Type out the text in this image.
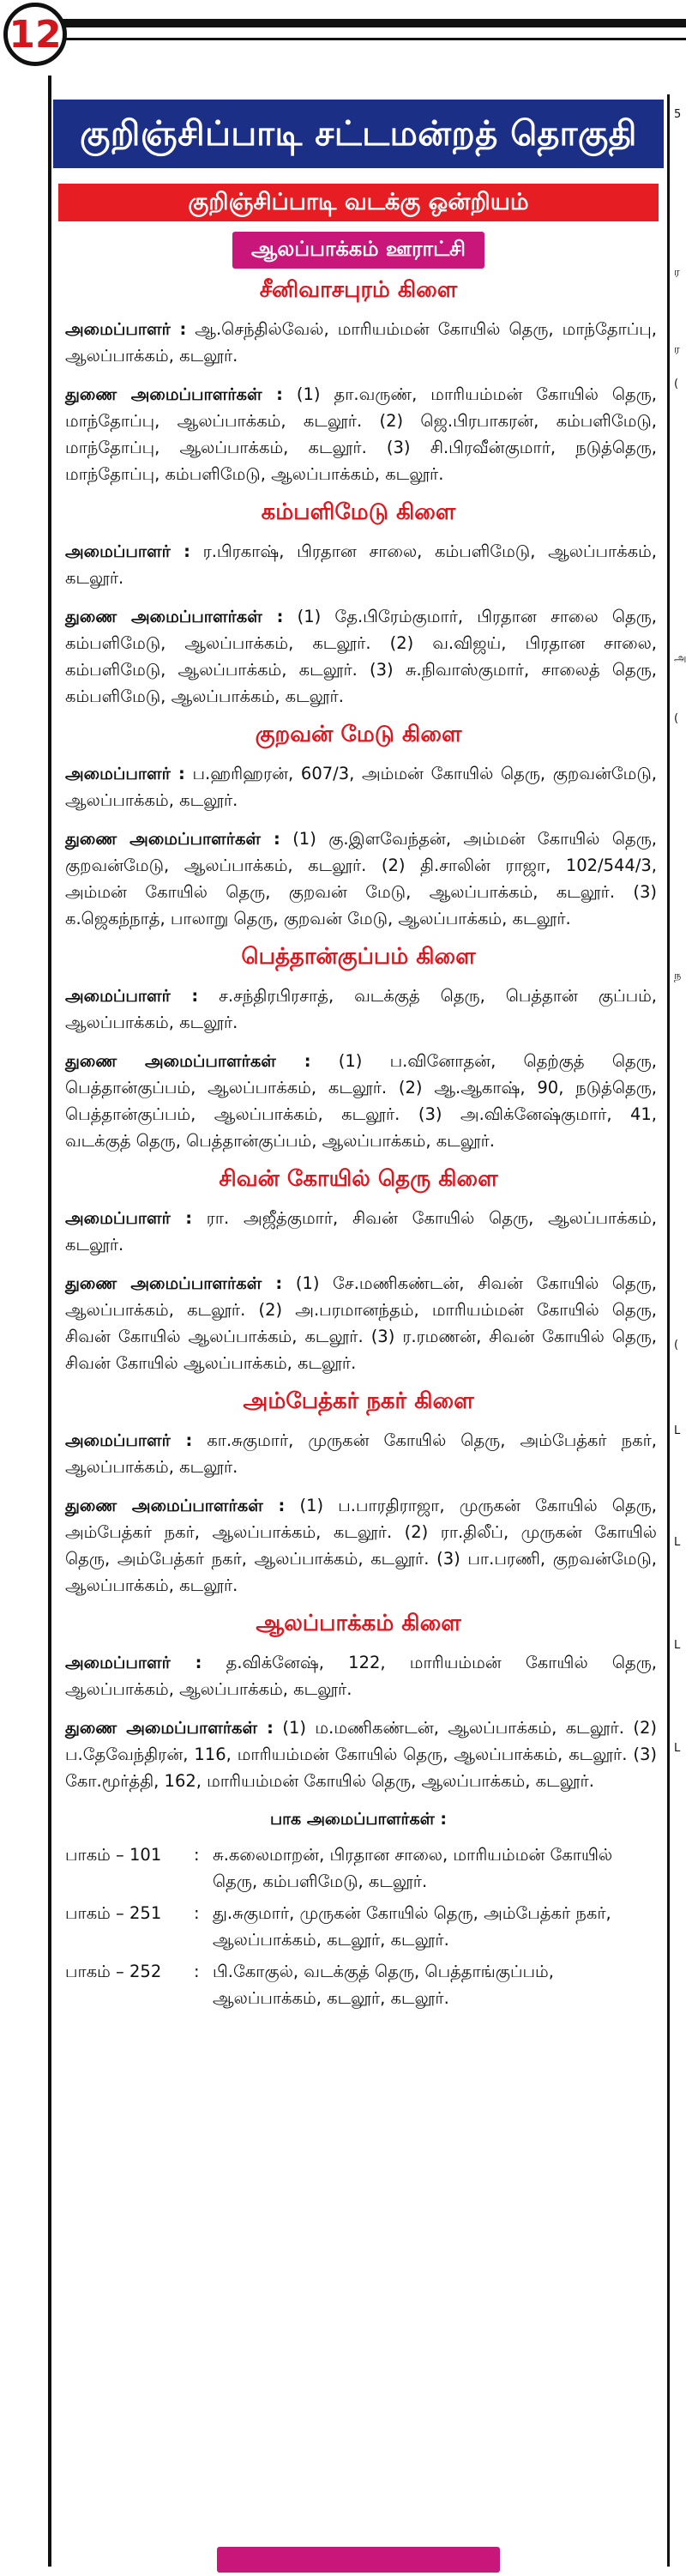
12
5
ர
ர
(
அ
(
ந
(
L
L
L
L
குறிஞ்சிப்பாடி சட்டமன்றத் தொகுதி
குறிஞ்சிப்பாடி வடக்கு ஒன்றியம்
ஆலப்பாக்கம் ஊராட்சி
சீனிவாசபுரம் கிளை

அமைப்பாளர் : ஆ.செந்தில்வேல், மாரியம்மன் கோயில் தெரு, மாந்தோப்பு, ஆலப்பாக்கம், கடலூர்.

துணை அமைப்பாளர்கள் : (1) தா.வருண், மாரியம்மன் கோயில் தெரு, மாந்தோப்பு, ஆலப்பாக்கம், கடலூர். (2) ஜெ.பிரபாகரன், கம்பளிமேடு, மாந்தோப்பு, ஆலப்பாக்கம், கடலூர். (3) சி.பிரவீன்குமார், நடுத்தெரு, மாந்தோப்பு, கம்பளிமேடு, ஆலப்பாக்கம், கடலூர்.

கம்பளிமேடு கிளை

அமைப்பாளர் : ர.பிரகாஷ், பிரதான சாலை, கம்பளிமேடு, ஆலப்பாக்கம், கடலூர்.

துணை அமைப்பாளர்கள் : (1) தே.பிரேம்குமார், பிரதான சாலை தெரு, கம்பளிமேடு, ஆலப்பாக்கம், கடலூர். (2) வ.விஜய், பிரதான சாலை, கம்பளிமேடு, ஆலப்பாக்கம், கடலூர். (3) சு.நிவாஸ்குமார், சாலைத் தெரு, கம்பளிமேடு, ஆலப்பாக்கம், கடலூர்.

குறவன் மேடு கிளை

அமைப்பாளர் : ப.ஹரிஹரன், 607/3, அம்மன் கோயில் தெரு, குறவன்மேடு, ஆலப்பாக்கம், கடலூர்.

துணை அமைப்பாளர்கள் : (1) கு.இளவேந்தன், அம்மன் கோயில் தெரு, குறவன்மேடு, ஆலப்பாக்கம், கடலூர். (2) தி.சாலின் ராஜா, 102/544/3, அம்மன் கோயில் தெரு, குறவன் மேடு, ஆலப்பாக்கம், கடலூர். (3) க.ஜெகந்நாத், பாலாறு தெரு, குறவன் மேடு, ஆலப்பாக்கம், கடலூர்.

பெத்தான்குப்பம் கிளை

அமைப்பாளர் : ச.சந்திரபிரசாத், வடக்குத் தெரு, பெத்தான் குப்பம், ஆலப்பாக்கம், கடலூர்.

துணை அமைப்பாளர்கள் : (1) ப.வினோதன், தெற்குத் தெரு, பெத்தான்குப்பம், ஆலப்பாக்கம், கடலூர். (2) ஆ.ஆகாஷ், 90, நடுத்தெரு, பெத்தான்குப்பம், ஆலப்பாக்கம், கடலூர். (3) அ.விக்னேஷ்குமார், 41, வடக்குத் தெரு, பெத்தான்குப்பம், ஆலப்பாக்கம், கடலூர்.

சிவன் கோயில் தெரு கிளை

அமைப்பாளர் : ரா. அஜீத்குமார், சிவன் கோயில் தெரு, ஆலப்பாக்கம், கடலூர்.

துணை அமைப்பாளர்கள் : (1) சே.மணிகண்டன், சிவன் கோயில் தெரு, ஆலப்பாக்கம், கடலூர். (2) அ.பரமானந்தம், மாரியம்மன் கோயில் தெரு, சிவன் கோயில் ஆலப்பாக்கம், கடலூர். (3) ர.ரமணன், சிவன் கோயில் தெரு, சிவன் கோயில் ஆலப்பாக்கம், கடலூர்.

அம்பேத்கர் நகர் கிளை

அமைப்பாளர் : கா.சுகுமார், முருகன் கோயில் தெரு, அம்பேத்கர் நகர், ஆலப்பாக்கம், கடலூர்.

துணை அமைப்பாளர்கள் : (1) ப.பாரதிராஜா, முருகன் கோயில் தெரு, அம்பேத்கர் நகர், ஆலப்பாக்கம், கடலூர். (2) ரா.திலீப், முருகன் கோயில் தெரு, அம்பேத்கர் நகர், ஆலப்பாக்கம், கடலூர். (3) பா.பரணி, குறவன்மேடு, ஆலப்பாக்கம், கடலூர்.

ஆலப்பாக்கம் கிளை

அமைப்பாளர் : த.விக்னேஷ், 122, மாரியம்மன் கோயில் தெரு, ஆலப்பாக்கம், ஆலப்பாக்கம், கடலூர்.

துணை அமைப்பாளர்கள் : (1) ம.மணிகண்டன், ஆலப்பாக்கம், கடலூர். (2) ப.தேவேந்திரன், 116, மாரியம்மன் கோயில் தெரு, ஆலப்பாக்கம், கடலூர். (3) கோ.மூர்த்தி, 162, மாரியம்மன் கோயில் தெரு, ஆலப்பாக்கம், கடலூர்.

பாக அமைப்பாளர்கள் :
பாகம் – 101	: சு.கலைமாறன், பிரதான சாலை, மாரியம்மன் கோயில் தெரு, கம்பளிமேடு, கடலூர்.
பாகம் – 251	: து.சுகுமார், முருகன் கோயில் தெரு, அம்பேத்கர் நகர், ஆலப்பாக்கம், கடலூர், கடலூர்.
பாகம் – 252	: பி.கோகுல், வடக்குத் தெரு, பெத்தாங்குப்பம், ஆலப்பாக்கம், கடலூர், கடலூர்.
